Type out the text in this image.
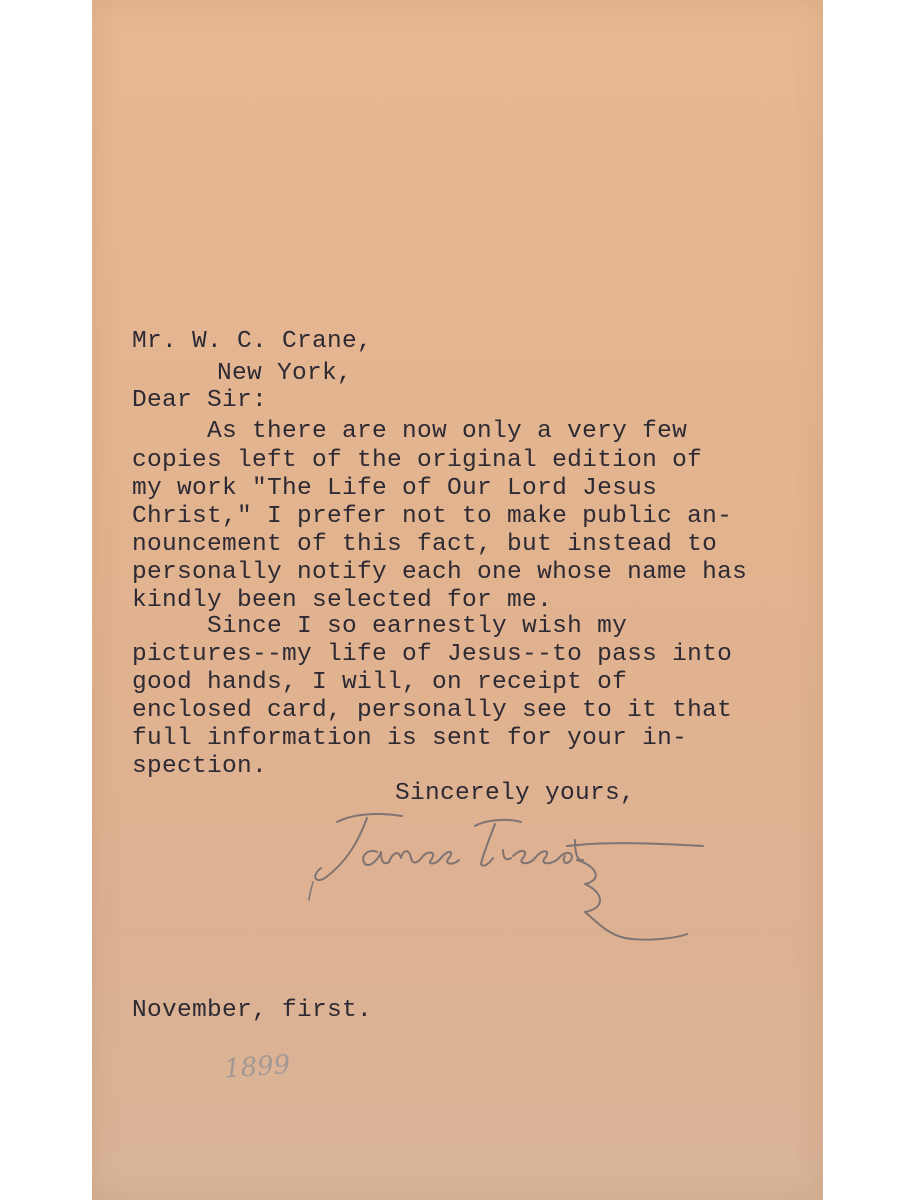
Mr. W. C. Crane,

New York,

Dear Sir:

As there are now only a very few

copies left of the original edition of

my work "The Life of Our Lord Jesus

Christ," I prefer not to make public an-

nouncement of this fact, but instead to

personally notify each one whose name has

kindly been selected for me.

Since I so earnestly wish my

pictures--my life of Jesus--to pass into

good hands, I will, on receipt of

enclosed card, personally see to it that

full information is sent for your in-

spection.

Sincerely yours,

November, first.

1899
